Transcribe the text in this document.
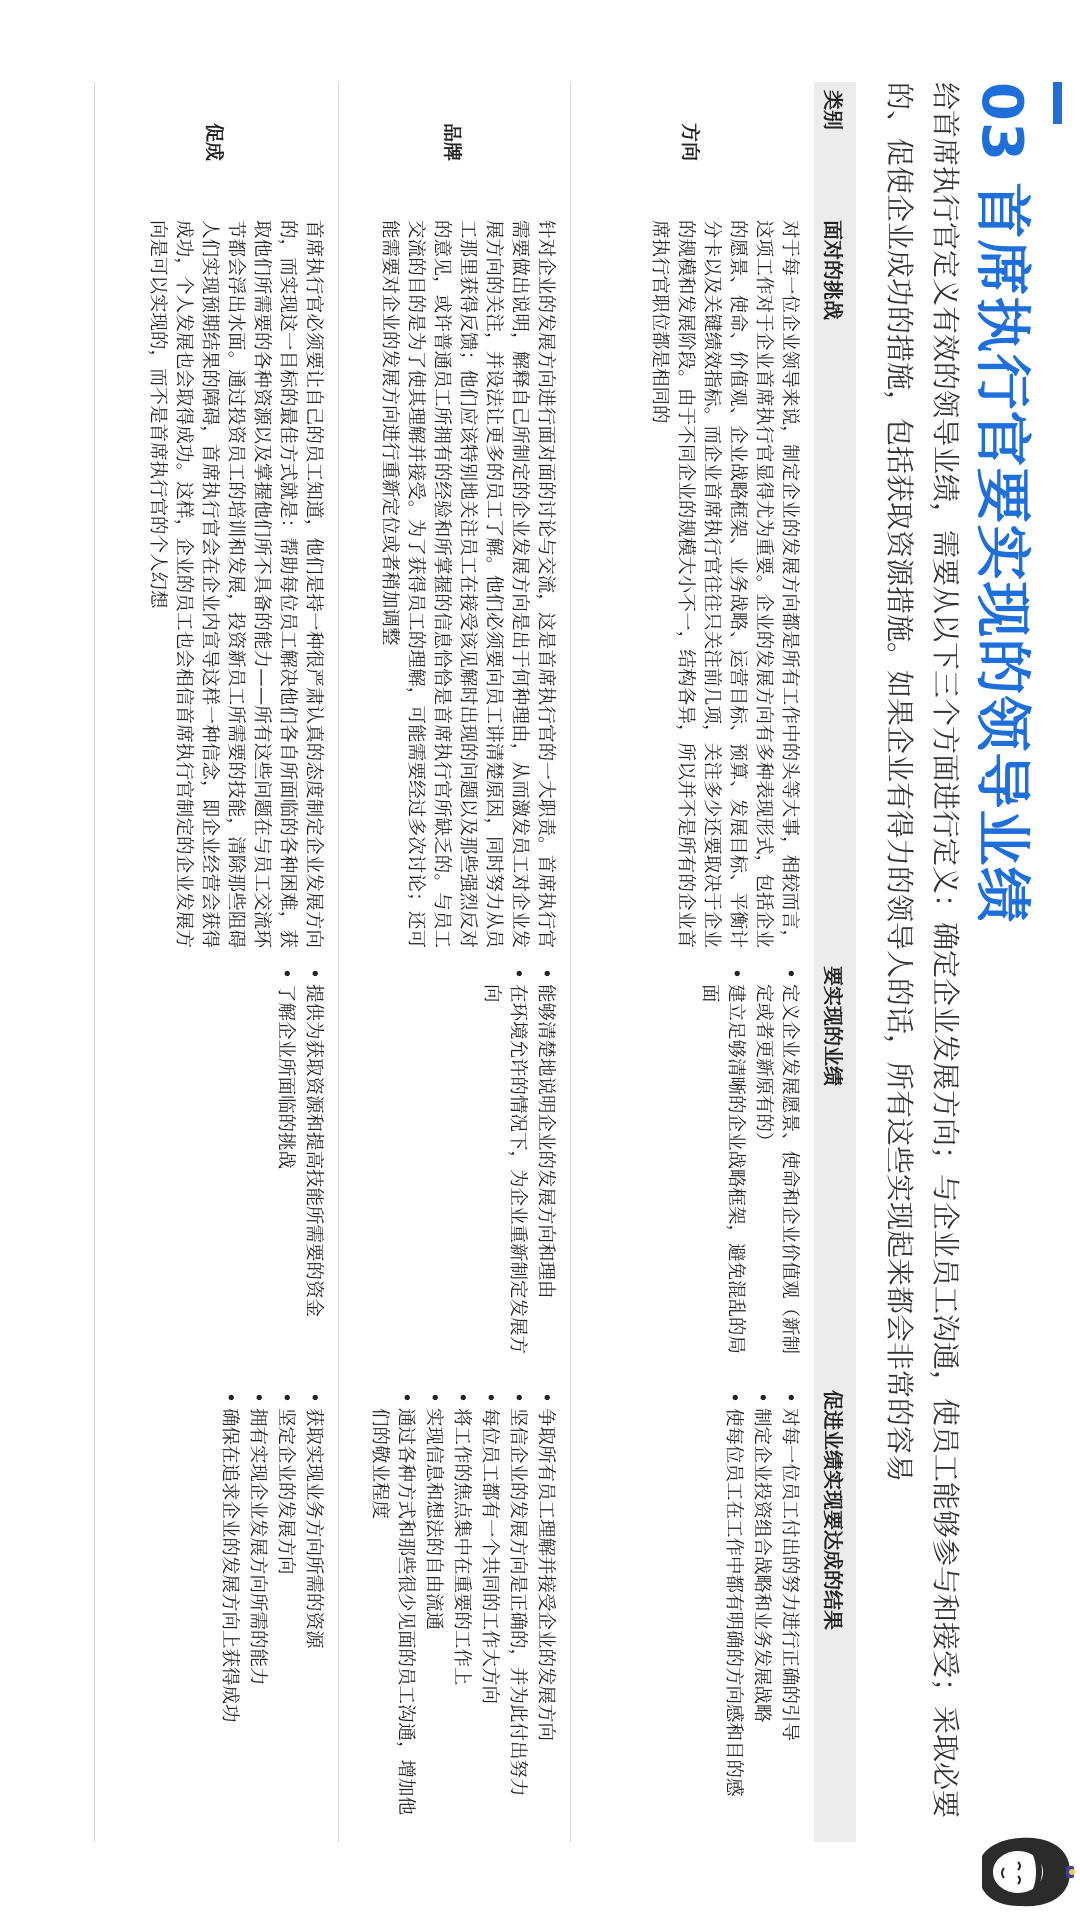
03 首席执行官要实现的领导业绩
给首席执行官定义有效的领导业绩，需要从以下三个方面进行定义：确定企业发展方向；与企业员工沟通，使员工能够参与和接受；采取必要的、促使企业成功的措施，包括获取资源措施。如果企业有得力的领导人的话，所有这些实现起来都会非常的容易
类别
面对的挑战
要实现的业绩
促进业绩实现要达成的结果
方向
对于每一位企业领导来说，制定企业的发展方向都是所有工作中的头等大事，相较而言，这项工作对于企业首席执行官显得尤为重要。企业的发展方向有多种表现形式，包括企业的愿景、使命、价值观、企业战略框架、业务战略、运营目标、预算、发展目标、平衡计分卡以及关键绩效指标。而企业首席执行官往往只关注前几项，关注多少还要取决于企业的规模和发展阶段。由于不同企业的规模大小不一，结构各异，所以并不是所有的企业首席执行官职位都是相同的
• 定义企业发展愿景、使命和企业价值观（新制定或者更新原有的）
• 建立足够清晰的企业战略框架，避免混乱的局面
• 对每一位员工付出的努力进行正确的引导
• 制定企业投资组合战略和业务发展战略
• 使每位员工在工作中都有明确的方向感和目的感
品牌
针对企业的发展方向进行面对面的讨论与交流，这是首席执行官的一大职责。首席执行官需要做出说明，解释自己所制定的企业发展方向是出于何种理由，从而激发员工对企业发展方向的关注，并设法让更多的员工了解。他们必须要向员工讲清楚原因，同时努力从员工那里获得反馈；他们应该特别地关注员工在接受该见解时出现的问题以及那些强烈反对的意见，或许普通员工所拥有的经验和所掌握的信息恰恰是首席执行官所缺乏的。与员工交流的目的是为了使其理解并接受。为了获得员工的理解，可能需要经过多次讨论；还可能需要对企业的发展方向进行重新定位或者稍加调整
• 能够清楚地说明企业的发展方向和理由
• 在环境允许的情况下，为企业重新制定发展方向
• 争取所有员工理解并接受企业的发展方向
• 坚信企业的发展方向是正确的，并为此付出努力
• 每位员工都有一个共同的工作大方向
• 将工作的焦点集中在重要的工作上
• 实现信息和想法的自由流通
• 通过各种方式和那些很少见面的员工沟通，增加他们的敬业程度
促成
首席执行官必须要让自己的员工知道，他们是持一种很严肃认真的态度制定企业发展方向的，而实现这一目标的最佳方式就是：帮助每位员工解决他们各自所面临的各种困难，获取他们所需要的各种资源以及掌握他们所不具备的能力——所有这些问题在与员工交流环节都会浮出水面。通过投资员工的培训和发展，投资新员工所需要的技能，清除那些阻碍人们实现预期结果的障碍，首席执行官会在企业内宣导这样一种信念，即企业经营会获得成功，个人发展也会取得成功。这样，企业的员工也会相信首席执行官制定的企业发展方向是可以实现的，而不是首席执行官的个人幻想
• 提供为获取资源和提高技能所需要的资金
• 了解企业所面临的挑战
• 获取实现业务方向所需的资源
• 坚定企业的发展方向
• 拥有实现企业发展方向所需的能力
• 确保在追求企业的发展方向上获得成功
